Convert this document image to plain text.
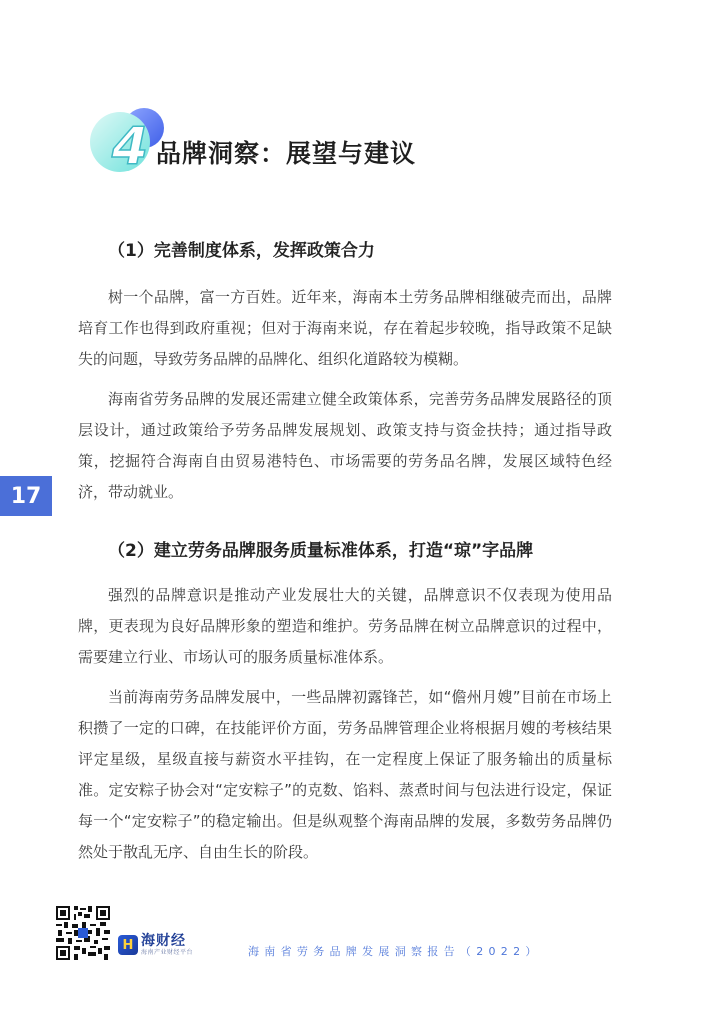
4 品牌洞察：展望与建议
（1）完善制度体系，发挥政策合力

树一个品牌，富一方百姓。近年来，海南本土劳务品牌相继破壳而出，品牌培育工作也得到政府重视；但对于海南来说，存在着起步较晚，指导政策不足缺失的问题，导致劳务品牌的品牌化、组织化道路较为模糊。

海南省劳务品牌的发展还需建立健全政策体系，完善劳务品牌发展路径的顶层设计，通过政策给予劳务品牌发展规划、政策支持与资金扶持；通过指导政策，挖掘符合海南自由贸易港特色、市场需要的劳务品名牌，发展区域特色经济，带动就业。

（2）建立劳务品牌服务质量标准体系，打造“琼”字品牌

强烈的品牌意识是推动产业发展壮大的关键，品牌意识不仅表现为使用品牌，更表现为良好品牌形象的塑造和维护。劳务品牌在树立品牌意识的过程中，需要建立行业、市场认可的服务质量标准体系。

当前海南劳务品牌发展中，一些品牌初露锋芒，如“儋州月嫂”目前在市场上积攒了一定的口碑，在技能评价方面，劳务品牌管理企业将根据月嫂的考核结果评定星级，星级直接与薪资水平挂钩，在一定程度上保证了服务输出的质量标准。定安粽子协会对“定安粽子”的克数、馅料、蒸煮时间与包法进行设定，保证每一个“定安粽子”的稳定输出。但是纵观整个海南品牌的发展，多数劳务品牌仍然处于散乱无序、自由生长的阶段。

17
H 海财经
海南产业财经平台	海南省劳务品牌发展洞察报告（2022）
